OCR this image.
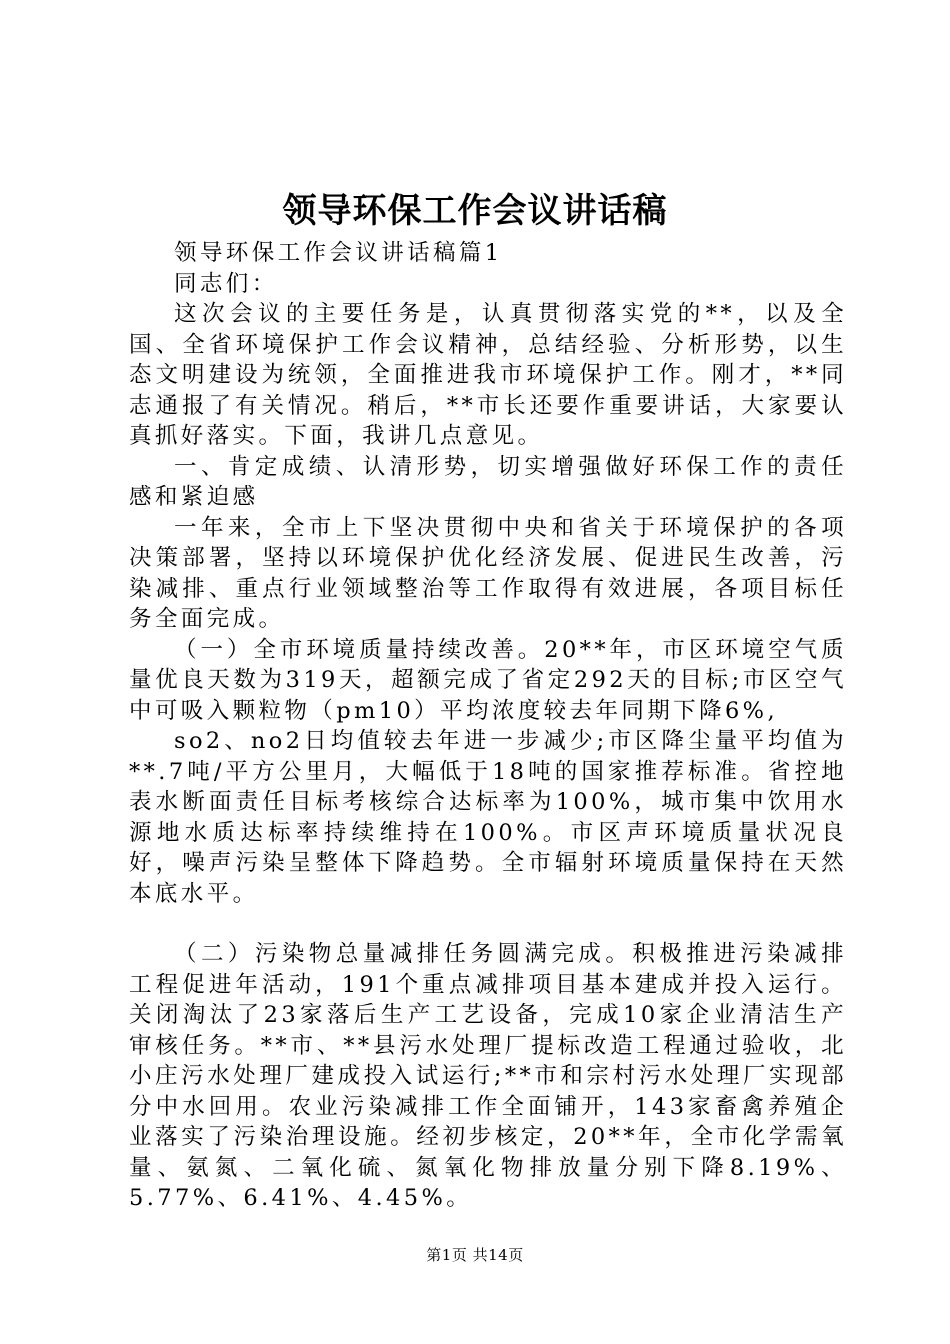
领导环保工作会议讲话稿

领导环保工作会议讲话稿篇1

同志们：

这次会议的主要任务是，认真贯彻落实党的**，以及全国、全省环境保护工作会议精神，总结经验、分析形势，以生态文明建设为统领，全面推进我市环境保护工作。刚才，**同志通报了有关情况。稍后，**市长还要作重要讲话，大家要认真抓好落实。下面，我讲几点意见。

一、肯定成绩、认清形势，切实增强做好环保工作的责任感和紧迫感

一年来，全市上下坚决贯彻中央和省关于环境保护的各项决策部署，坚持以环境保护优化经济发展、促进民生改善，污染减排、重点行业领域整治等工作取得有效进展，各项目标任务全面完成。

（一）全市环境质量持续改善。20**年，市区环境空气质量优良天数为319天，超额完成了省定292天的目标;市区空气中可吸入颗粒物（pm10）平均浓度较去年同期下降6%,

so2、no2日均值较去年进一步减少;市区降尘量平均值为**.7吨/平方公里月，大幅低于18吨的国家推荐标准。省控地表水断面责任目标考核综合达标率为100%，城市集中饮用水源地水质达标率持续维持在100%。市区声环境质量状况良好，噪声污染呈整体下降趋势。全市辐射环境质量保持在天然本底水平。

（二）污染物总量减排任务圆满完成。积极推进污染减排工程促进年活动，191个重点减排项目基本建成并投入运行。关闭淘汰了23家落后生产工艺设备，完成10家企业清洁生产审核任务。**市、**县污水处理厂提标改造工程通过验收，北小庄污水处理厂建成投入试运行;**市和宗村污水处理厂实现部分中水回用。农业污染减排工作全面铺开，143家畜禽养殖企业落实了污染治理设施。经初步核定，20**年，全市化学需氧量、氨氮、二氧化硫、氮氧化物排放量分别下降8.19%、5.77%、6.41%、4.45%。

第1页 共14页
